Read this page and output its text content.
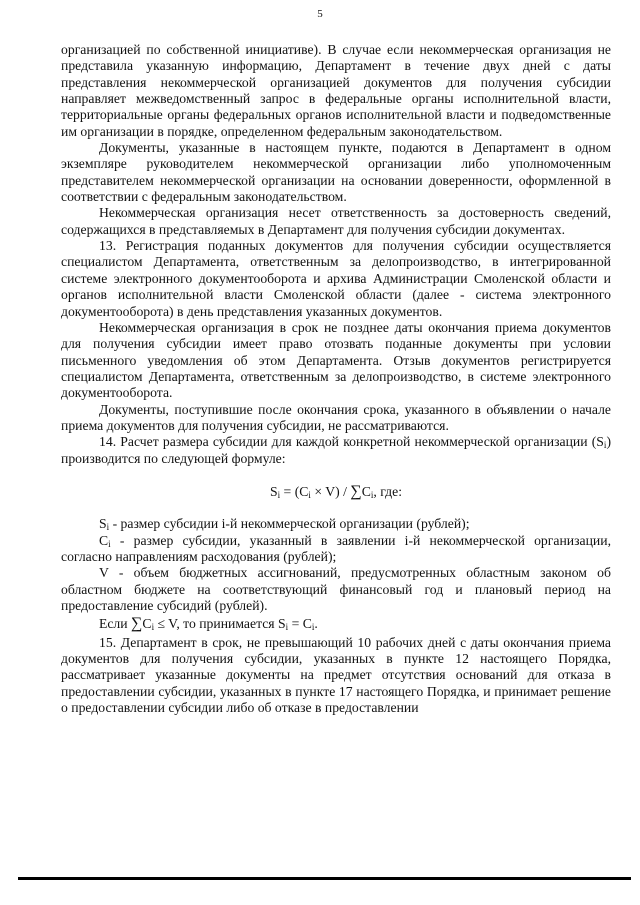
5

организацией по собственной инициативе). В случае если некоммерческая организация не представила указанную информацию, Департамент в течение двух дней с даты представления некоммерческой организацией документов для получения субсидии направляет межведомственный запрос в федеральные органы исполнительной власти, территориальные органы федеральных органов исполнительной власти и подведомственные им организации в порядке, определенном федеральным законодательством.

Документы, указанные в настоящем пункте, подаются в Департамент в одном экземпляре руководителем некоммерческой организации либо уполномоченным представителем некоммерческой организации на основании доверенности, оформленной в соответствии с федеральным законодательством.

Некоммерческая организация несет ответственность за достоверность сведений, содержащихся в представляемых в Департамент для получения субсидии документах.

13. Регистрация поданных документов для получения субсидии осуществляется специалистом Департамента, ответственным за делопроизводство, в интегрированной системе электронного документооборота и архива Администрации Смоленской области и органов исполнительной власти Смоленской области (далее - система электронного документооборота) в день представления указанных документов.

Некоммерческая организация в срок не позднее даты окончания приема документов для получения субсидии имеет право отозвать поданные документы при условии письменного уведомления об этом Департамента. Отзыв документов регистрируется специалистом Департамента, ответственным за делопроизводство, в системе электронного документооборота.

Документы, поступившие после окончания срока, указанного в объявлении о начале приема документов для получения субсидии, не рассматриваются.

14. Расчет размера субсидии для каждой конкретной некоммерческой организации $(S_i)$ производится по следующей формуле:

$S_i = (C_i \times V) / \sum C_i$, где:

$S_i$ - размер субсидии i-й некоммерческой организации (рублей);

$C_i$ - размер субсидии, указанный в заявлении i-й некоммерческой организации, согласно направлениям расходования (рублей);

V - объем бюджетных ассигнований, предусмотренных областным законом об областном бюджете на соответствующий финансовый год и плановый период на предоставление субсидий (рублей).

Если $\sum C_i \le V$, то принимается $S_i = C_i$.

15. Департамент в срок, не превышающий 10 рабочих дней с даты окончания приема документов для получения субсидии, указанных в пункте 12 настоящего Порядка, рассматривает указанные документы на предмет отсутствия оснований для отказа в предоставлении субсидии, указанных в пункте 17 настоящего Порядка, и принимает решение о предоставлении субсидии либо об отказе в предоставлении
